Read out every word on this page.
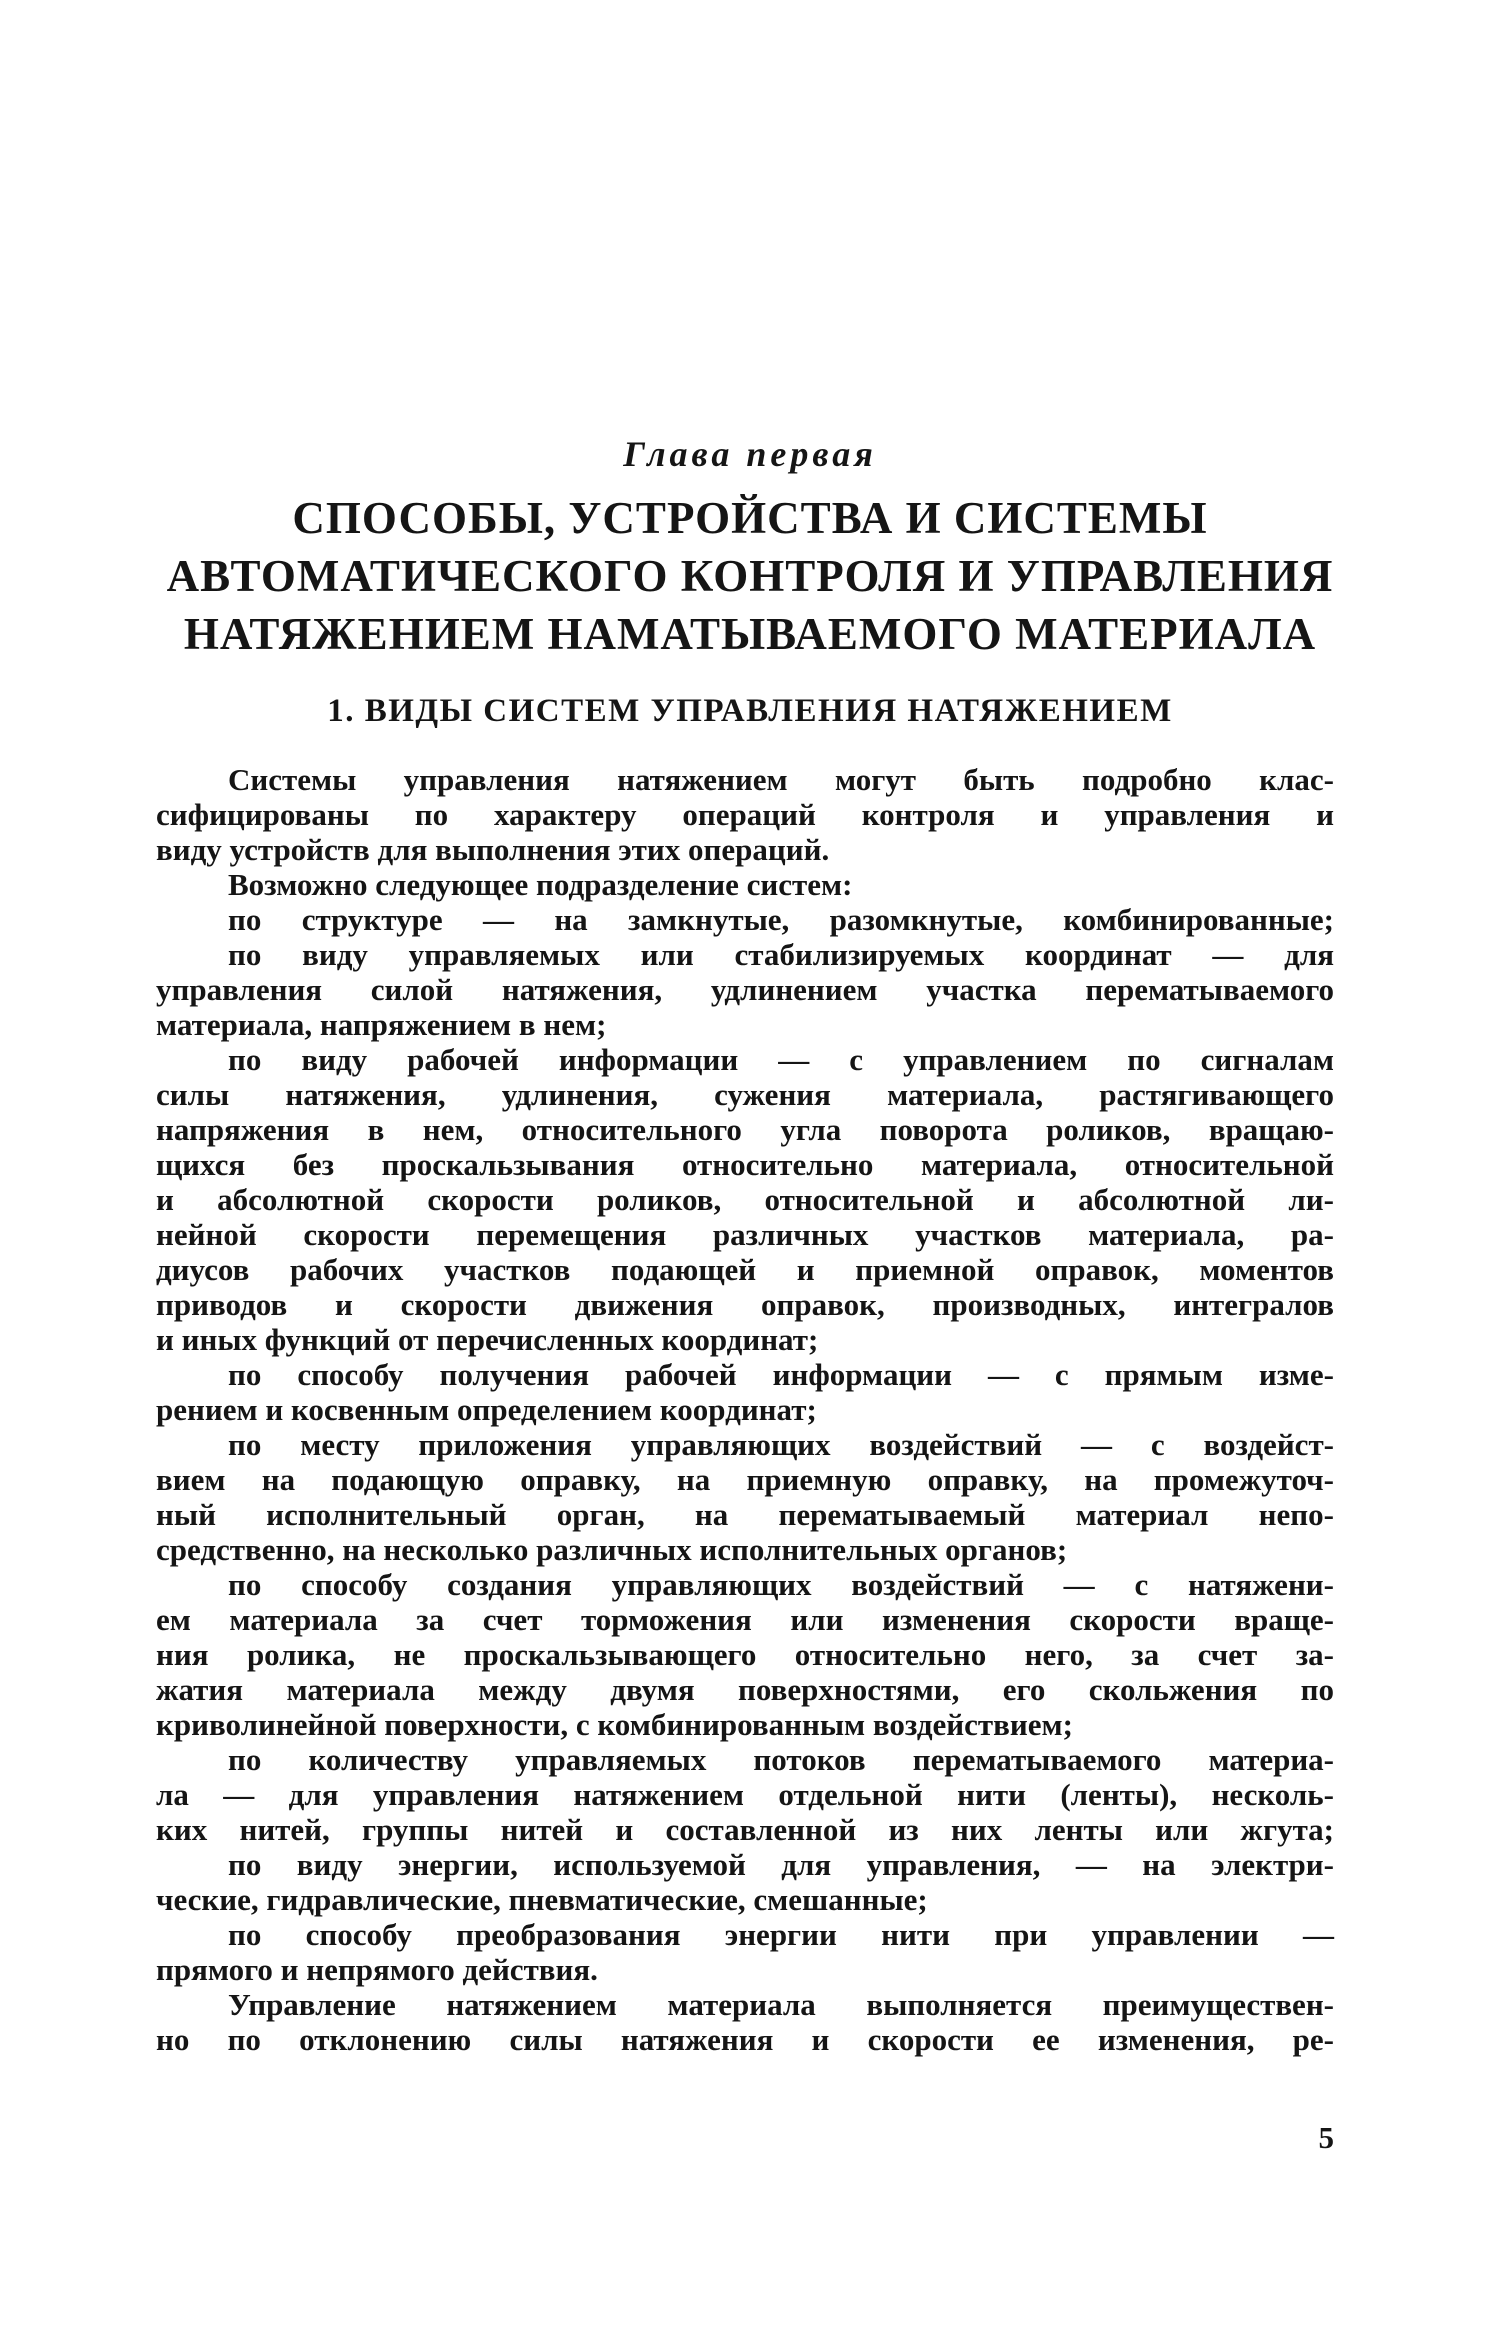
Глава первая
СПОСОБЫ, УСТРОЙСТВА И СИСТЕМЫ
АВТОМАТИЧЕСКОГО КОНТРОЛЯ И УПРАВЛЕНИЯ
НАТЯЖЕНИЕМ НАМАТЫВАЕМОГО МАТЕРИАЛА
1. ВИДЫ СИСТЕМ УПРАВЛЕНИЯ НАТЯЖЕНИЕМ
Системы управления натяжением могут быть подробно клас-
сифицированы по характеру операций контроля и управления и
виду устройств для выполнения этих операций.
Возможно следующее подразделение систем:
по структуре — на замкнутые, разомкнутые, комбинированные;
по виду управляемых или стабилизируемых координат — для
управления силой натяжения, удлинением участка перематываемого
материала, напряжением в нем;
по виду рабочей информации — с управлением по сигналам
силы натяжения, удлинения, сужения материала, растягивающего
напряжения в нем, относительного угла поворота роликов, вращаю-
щихся без проскальзывания относительно материала, относительной
и абсолютной скорости роликов, относительной и абсолютной ли-
нейной скорости перемещения различных участков материала, ра-
диусов рабочих участков подающей и приемной оправок, моментов
приводов и скорости движения оправок, производных, интегралов
и иных функций от перечисленных координат;
по способу получения рабочей информации — с прямым изме-
рением и косвенным определением координат;
по месту приложения управляющих воздействий — с воздейст-
вием на подающую оправку, на приемную оправку, на промежуточ-
ный исполнительный орган, на перематываемый материал непо-
средственно, на несколько различных исполнительных органов;
по способу создания управляющих воздействий — с натяжени-
ем материала за счет торможения или изменения скорости враще-
ния ролика, не проскальзывающего относительно него, за счет за-
жатия материала между двумя поверхностями, его скольжения по
криволинейной поверхности, с комбинированным воздействием;
по количеству управляемых потоков перематываемого материа-
ла — для управления натяжением отдельной нити (ленты), несколь-
ких нитей, группы нитей и составленной из них ленты или жгута;
по виду энергии, используемой для управления, — на электри-
ческие, гидравлические, пневматические, смешанные;
по способу преобразования энергии нити при управлении —
прямого и непрямого действия.
Управление натяжением материала выполняется преимуществен-
но по отклонению силы натяжения и скорости ее изменения, ре-
5
